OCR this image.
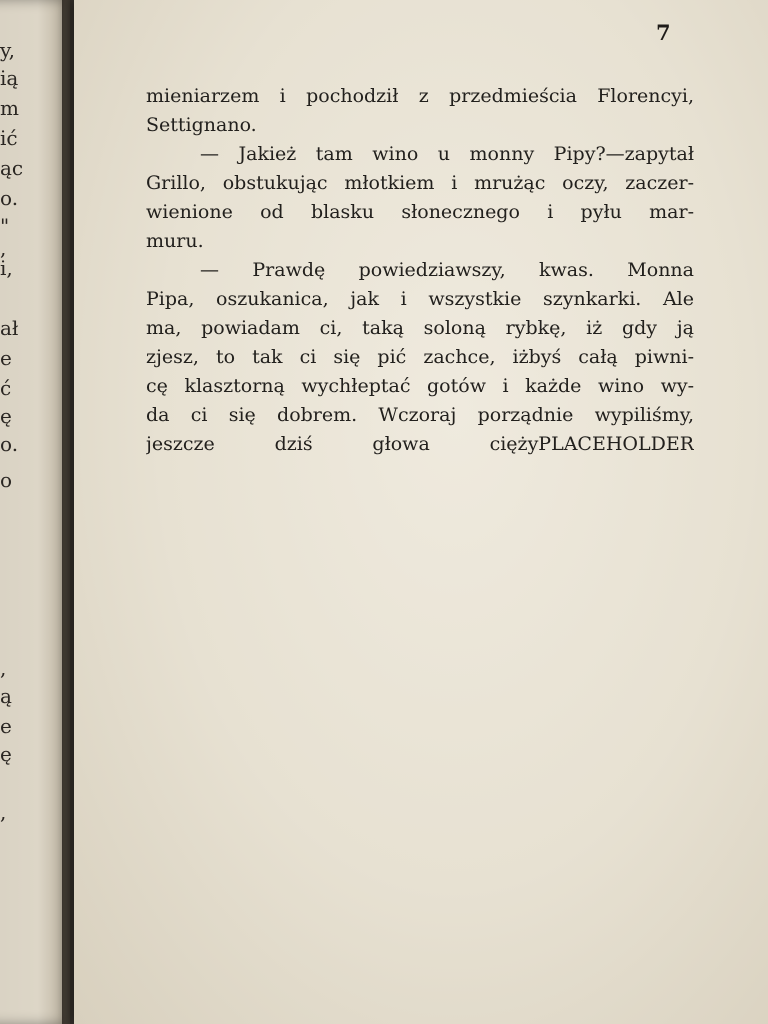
y,
ią
m
ić
ąc
o.
"
,
i,
ał
e
ć
ę
o.
o
,
ą
e
ę
,
7
mieniarzem i pochodził z przedmieścia Florencyi,
Settignano.
— Jakież tam wino u monny Pipy?—zapytał
Grillo, obstukując młotkiem i mrużąc oczy, zaczer-
wienione od blasku słonecznego i pyłu mar-
muru.
— Prawdę powiedziawszy, kwas. Monna
Pipa, oszukanica, jak i wszystkie szynkarki. Ale
ma, powiadam ci, taką soloną rybkę, iż gdy ją
zjesz, to tak ci się pić zachce, iżbyś całą piwni-
cę klasztorną wychłeptać gotów i każde wino wy-
da ci się dobrem. Wczoraj porządnie wypiliśmy,
jeszcze dziś głowa ciężyPLACEHOLDER
